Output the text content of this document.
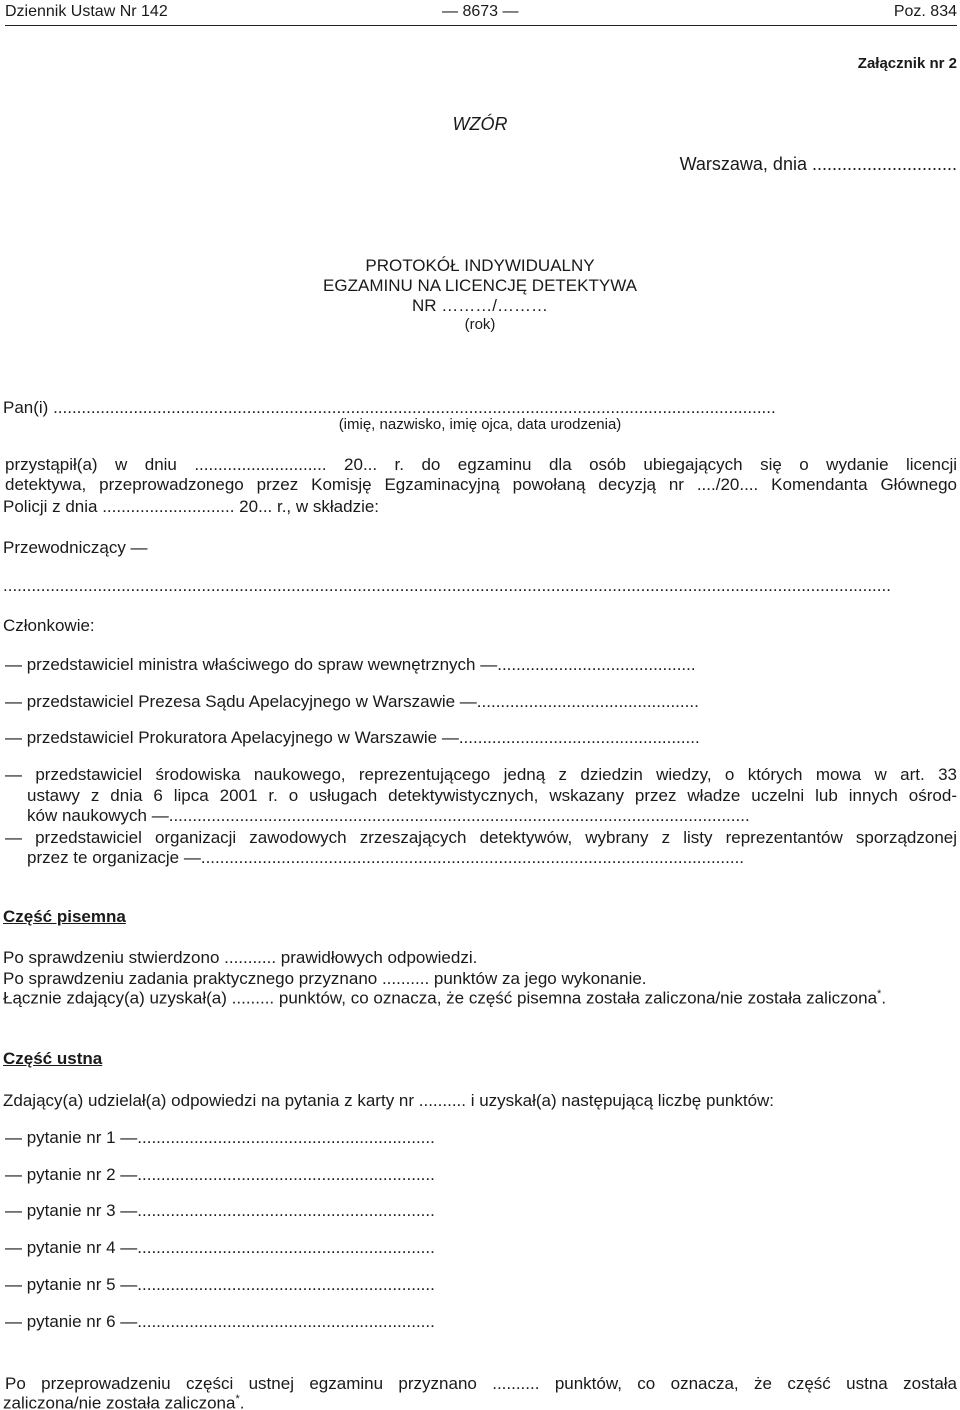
Dziennik Ustaw Nr 142	— 8673 —	Poz. 834
Załącznik nr 2
WZÓR
Warszawa, dnia .............................
PROTOKÓŁ INDYWIDUALNY
EGZAMINU NA LICENCJĘ DETEKTYWA
NR ………/………
(rok)
Pan(i) .........................................................................................................................................................
(imię, nazwisko, imię ojca, data urodzenia)
przystąpił(a) w dniu ............................ 20... r. do egzaminu dla osób ubiegających się o wydanie licencji
detektywa, przeprowadzonego przez Komisję Egzaminacyjną powołaną decyzją nr ..../20.... Komendanta Głównego
Policji z dnia ............................ 20... r., w składzie:
Przewodniczący —
............................................................................................................................................................................................
Członkowie:
— przedstawiciel ministra właściwego do spraw wewnętrznych —..........................................
— przedstawiciel Prezesa Sądu Apelacyjnego w Warszawie —...............................................
— przedstawiciel Prokuratora Apelacyjnego w Warszawie —...................................................
— przedstawiciel środowiska naukowego, reprezentującego jedną z dziedzin wiedzy, o których mowa w art. 33
ustawy z dnia 6 lipca 2001 r. o usługach detektywistycznych, wskazany przez władze uczelni lub innych ośrod-
ków naukowych —...........................................................................................................................
— przedstawiciel organizacji zawodowych zrzeszających detektywów, wybrany z listy reprezentantów sporządzonej
przez te organizacje —...................................................................................................................
Część pisemna
Po sprawdzeniu stwierdzono ........... prawidłowych odpowiedzi.
Po sprawdzeniu zadania praktycznego przyznano .......... punktów za jego wykonanie.
Łącznie zdający(a) uzyskał(a) ......... punktów, co oznacza, że część pisemna została zaliczona/nie została zaliczona*.
Część ustna
Zdający(a) udzielał(a) odpowiedzi na pytania z karty nr .......... i uzyskał(a) następującą liczbę punktów:
— pytanie nr 1 —...............................................................
— pytanie nr 2 —...............................................................
— pytanie nr 3 —...............................................................
— pytanie nr 4 —...............................................................
— pytanie nr 5 —...............................................................
— pytanie nr 6 —...............................................................
Po przeprowadzeniu części ustnej egzaminu przyznano .......... punktów, co oznacza, że część ustna została
zaliczona/nie została zaliczona*.
